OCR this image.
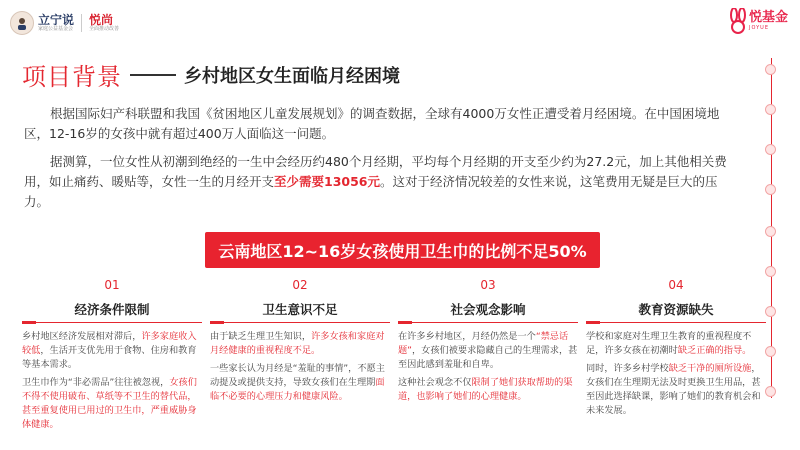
立宁说
家庭公益基金会
悦尚
全面推动改善
悦基金
JOYUE
项目背景	乡村地区女生面临月经困境
根据国际妇产科联盟和我国《贫困地区儿童发展规划》的调查数据，全球有4000万女性正遭受着月经困境。在中国困境地区，12-16岁的女孩中就有超过400万人面临这一问题。
据测算，一位女性从初潮到绝经的一生中会经历约480个月经期，平均每个月经期的开支至少约为27.2元，加上其他相关费用，如止痛药、暖贴等，女性一生的月经开支至少需要13056元。这对于经济情况较差的女性来说，这笔费用无疑是巨大的压力。
云南地区12~16岁女孩使用卫生巾的比例不足50%
01
经济条件限制

乡村地区经济发展相对滞后，许多家庭收入较低，生活开支优先用于食物、住房和教育等基本需求。

卫生巾作为“非必需品”往往被忽视，女孩们不得不使用破布、草纸等不卫生的替代品，甚至重复使用已用过的卫生巾，严重威胁身体健康。

02
卫生意识不足

由于缺乏生理卫生知识，许多女孩和家庭对月经健康的重视程度不足。

一些家长认为月经是“羞耻的事情”，不愿主动提及或提供支持，导致女孩们在生理期面临不必要的心理压力和健康风险。

03
社会观念影响

在许多乡村地区，月经仍然是一个“禁忌话题”，女孩们被要求隐藏自己的生理需求，甚至因此感到羞耻和自卑。

这种社会观念不仅限制了她们获取帮助的渠道，也影响了她们的心理健康。

04
教育资源缺失

学校和家庭对生理卫生教育的重视程度不足，许多女孩在初潮时缺乏正确的指导。

同时，许多乡村学校缺乏干净的厕所设施，女孩们在生理期无法及时更换卫生用品，甚至因此选择缺课，影响了她们的教育机会和未来发展。
